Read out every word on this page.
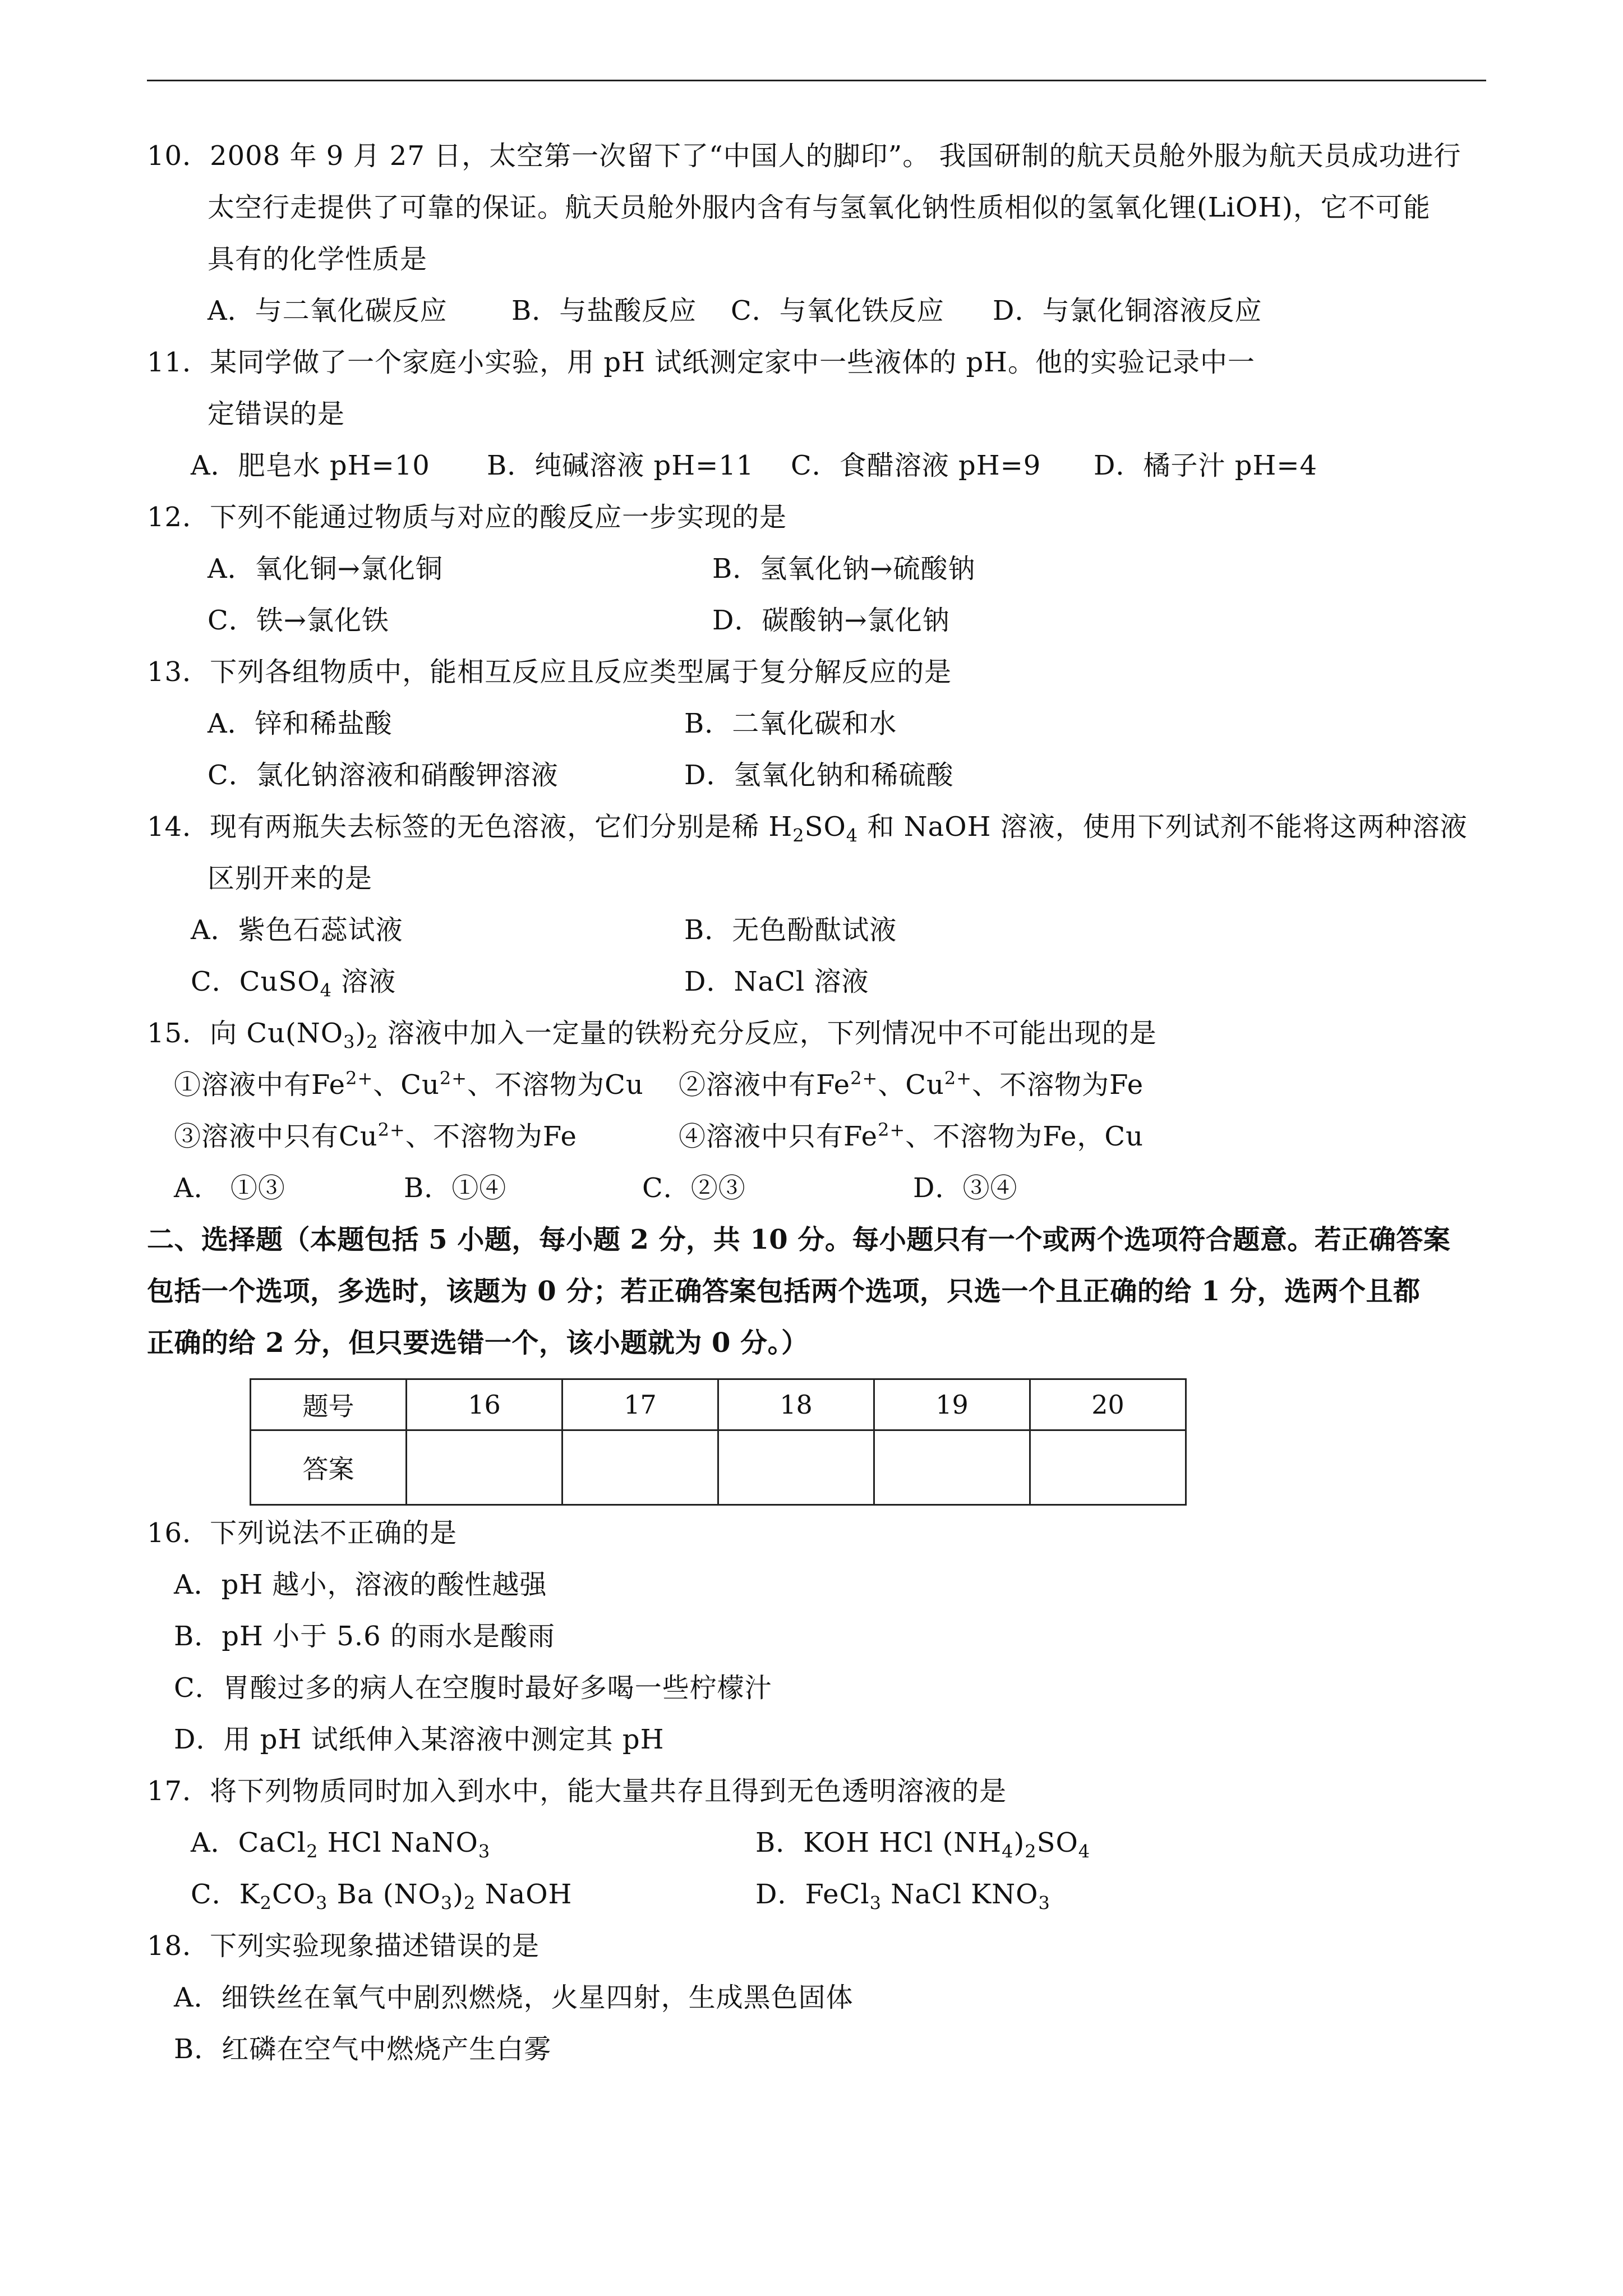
10．2008 年 9 月 27 日，太空第一次留下了“中国人的脚印”。 我国研制的航天员舱外服为航天员成功进行
太空行走提供了可靠的保证。航天员舱外服内含有与氢氧化钠性质相似的氢氧化锂(LiOH)，它不可能
具有的化学性质是
A．与二氧化碳反应 B．与盐酸反应 C．与氧化铁反应 D．与氯化铜溶液反应
11．某同学做了一个家庭小实验，用 pH 试纸测定家中一些液体的 pH。他的实验记录中一
定错误的是
A．肥皂水 pH=10 B．纯碱溶液 pH=11 C．食醋溶液 pH=9 D．橘子汁 pH=4
12．下列不能通过物质与对应的酸反应一步实现的是
A．氧化铜→氯化铜	B．氢氧化钠→硫酸钠
C．铁→氯化铁	D．碳酸钠→氯化钠
13．下列各组物质中，能相互反应且反应类型属于复分解反应的是
A．锌和稀盐酸	B．二氧化碳和水
C．氯化钠溶液和硝酸钾溶液	D．氢氧化钠和稀硫酸
14．现有两瓶失去标签的无色溶液，它们分别是稀 $H_2SO_4$ 和 NaOH 溶液，使用下列试剂不能将这两种溶液
区别开来的是
A．紫色石蕊试液	B．无色酚酞试液
C．CuSO$_4$ 溶液	D．NaCl 溶液
15．向 $Cu(NO_3)_2$ 溶液中加入一定量的铁粉充分反应，下列情况中不可能出现的是
①溶液中有$Fe^{2+}$、$Cu^{2+}$、不溶物为Cu ②溶液中有$Fe^{2+}$、$Cu^{2+}$、不溶物为Fe
③溶液中只有$Cu^{2+}$、不溶物为Fe	④溶液中只有$Fe^{2+}$、不溶物为Fe，Cu
A． ①③	B．①④	C．②③	D．③④
二、选择题（本题包括 5 小题，每小题 2 分，共 10 分。每小题只有一个或两个选项符合题意。若正确答案
包括一个选项，多选时，该题为 0 分；若正确答案包括两个选项，只选一个且正确的给 1 分，选两个且都
正确的给 2 分，但只要选错一个，该小题就为 0 分。）
题号	16	17	18	19	20
答案					
16．下列说法不正确的是
A．pH 越小，溶液的酸性越强
B．pH 小于 5.6 的雨水是酸雨
C．胃酸过多的病人在空腹时最好多喝一些柠檬汁
D．用 pH 试纸伸入某溶液中测定其 pH
17．将下列物质同时加入到水中，能大量共存且得到无色透明溶液的是
A．CaCl$_2$ HCl NaNO$_3$	B．KOH HCl $(NH_4)_2SO_4$
C．$K_2CO_3$ Ba $(NO_3)_2$ NaOH	D．FeCl$_3$ NaCl $KNO_3$
18．下列实验现象描述错误的是
A．细铁丝在氧气中剧烈燃烧，火星四射，生成黑色固体
B．红磷在空气中燃烧产生白雾
